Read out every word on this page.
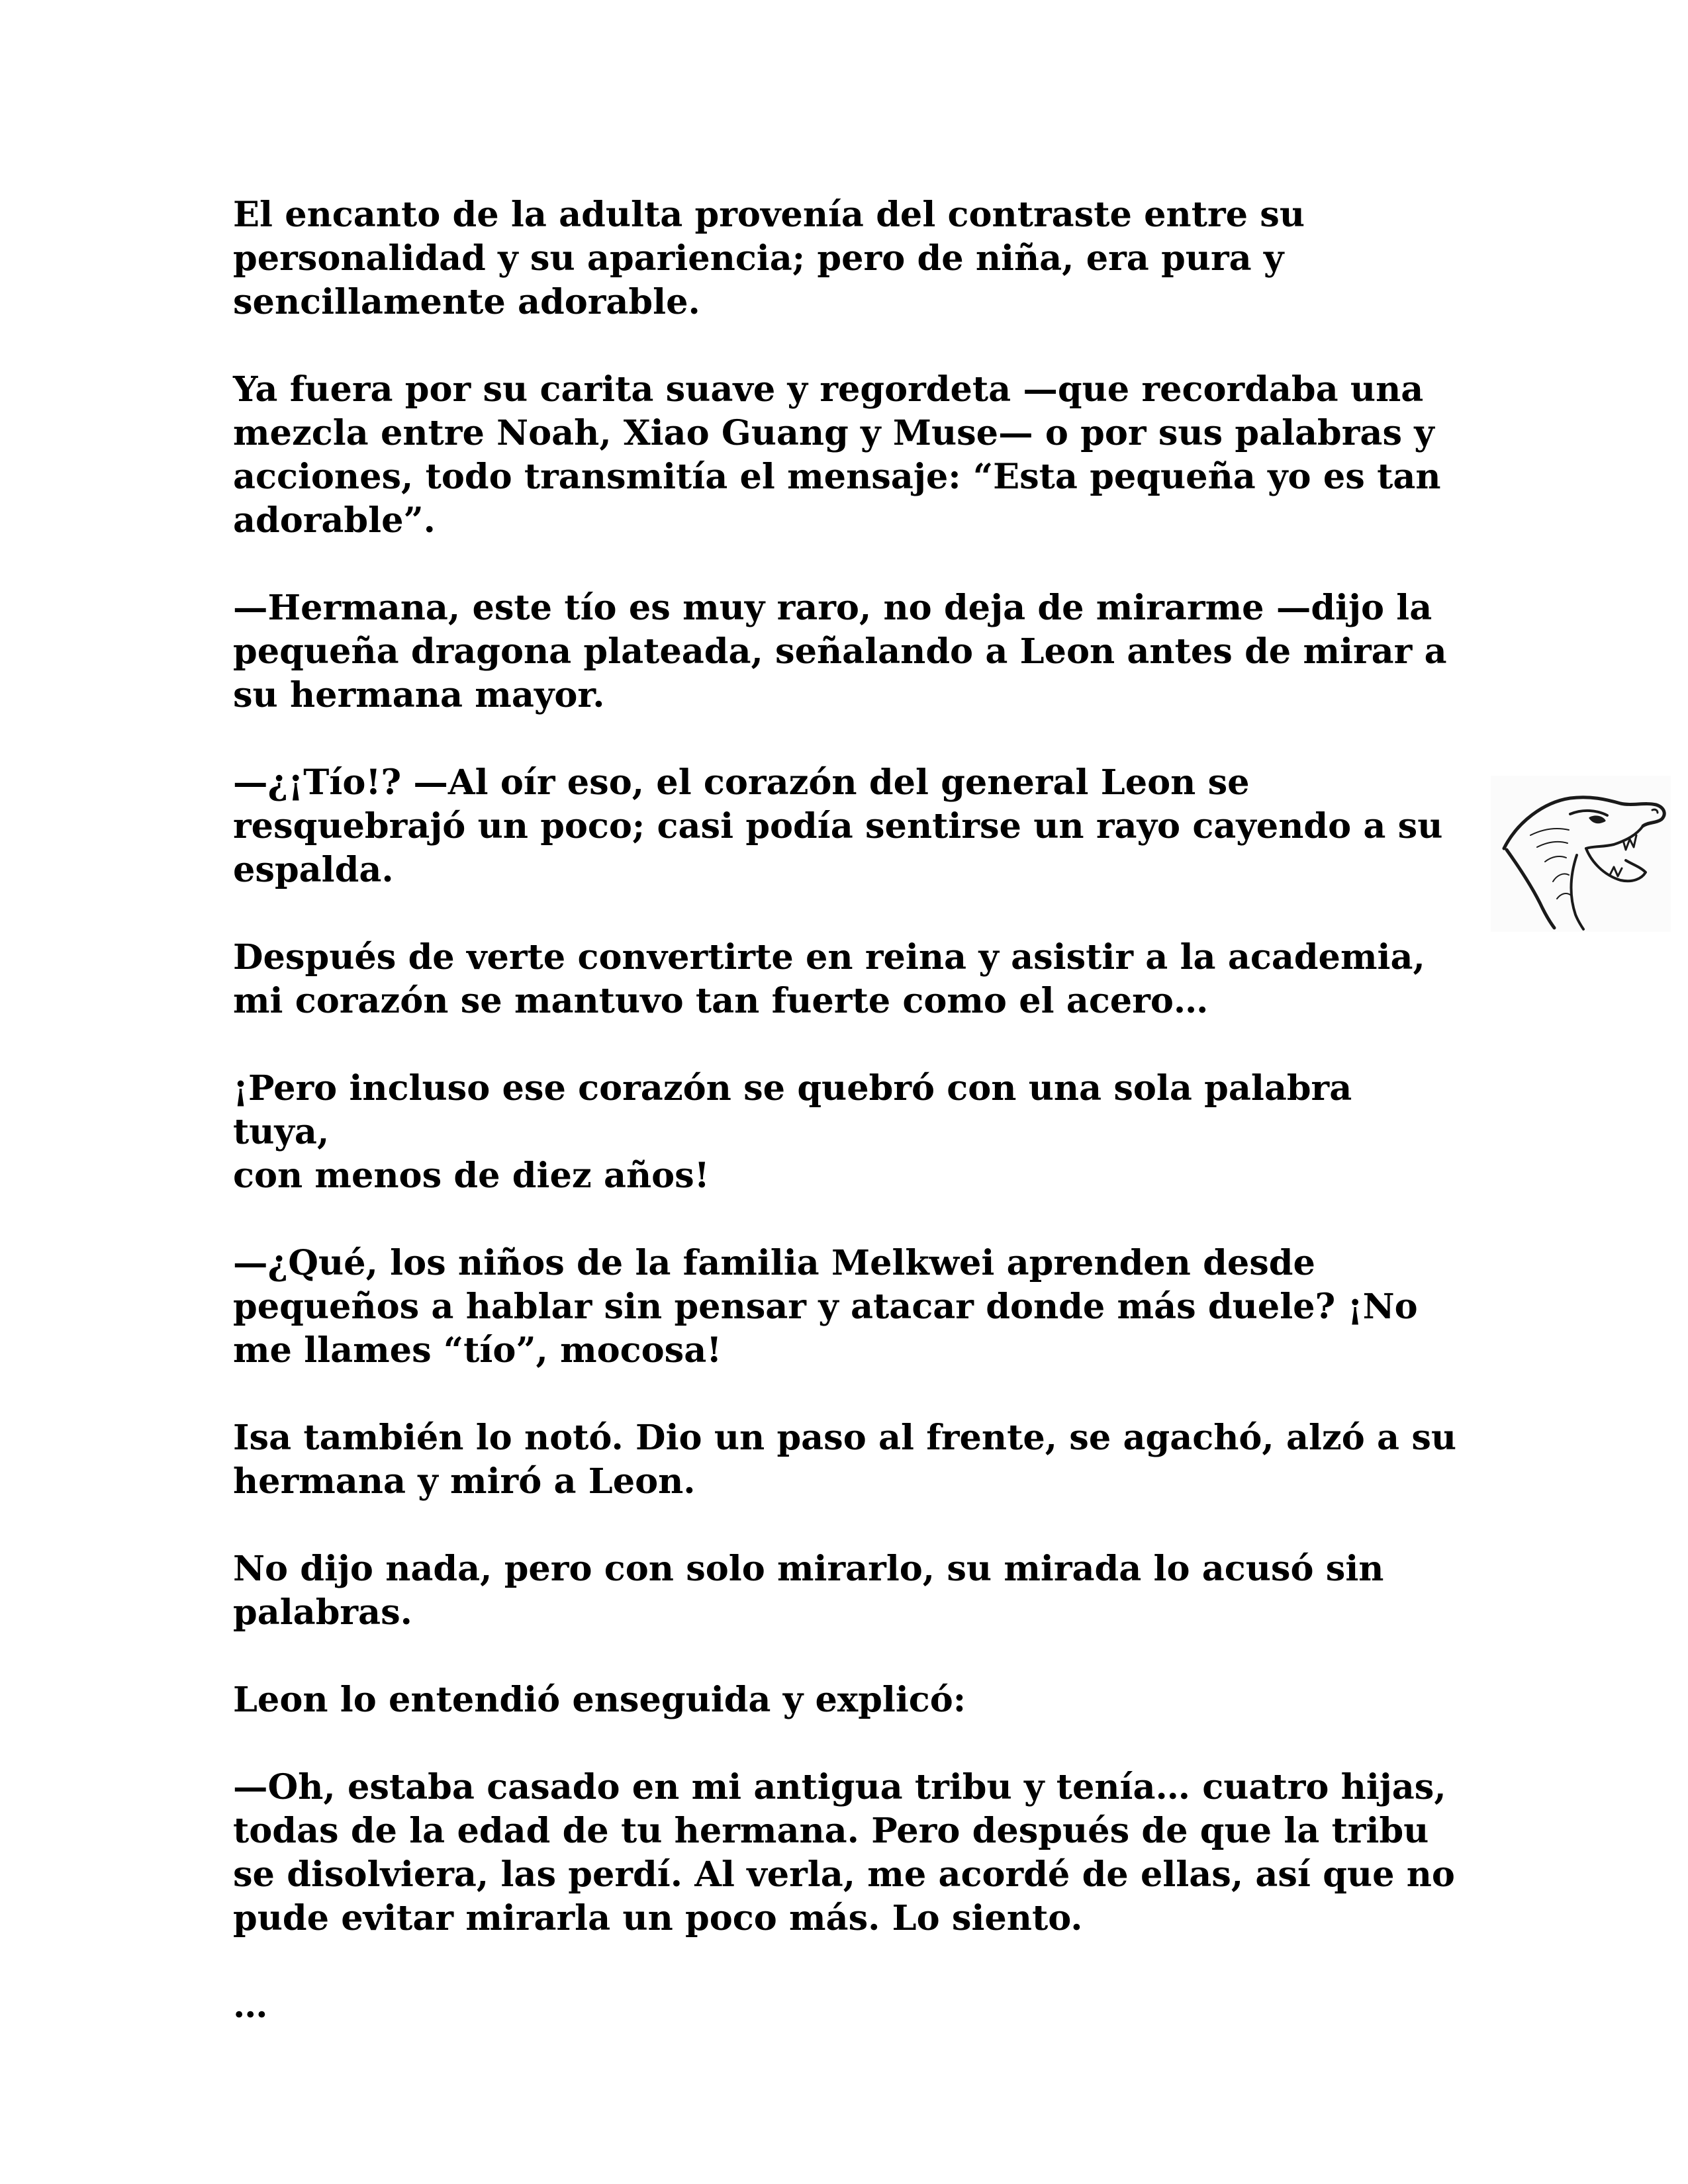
El encanto de la adulta provenía del contraste entre su
personalidad y su apariencia; pero de niña, era pura y
sencillamente adorable.

Ya fuera por su carita suave y regordeta —que recordaba una
mezcla entre Noah, Xiao Guang y Muse— o por sus palabras y
acciones, todo transmitía el mensaje: “Esta pequeña yo es tan
adorable”.

—Hermana, este tío es muy raro, no deja de mirarme —dijo la
pequeña dragona plateada, señalando a Leon antes de mirar a
su hermana mayor.

—¿¡Tío!? —Al oír eso, el corazón del general Leon se
resquebrajó un poco; casi podía sentirse un rayo cayendo a su
espalda.

Después de verte convertirte en reina y asistir a la academia,
mi corazón se mantuvo tan fuerte como el acero…

¡Pero incluso ese corazón se quebró con una sola palabra tuya,
con menos de diez años!

—¿Qué, los niños de la familia Melkwei aprenden desde
pequeños a hablar sin pensar y atacar donde más duele? ¡No
me llames “tío”, mocosa!

Isa también lo notó. Dio un paso al frente, se agachó, alzó a su
hermana y miró a Leon.

No dijo nada, pero con solo mirarlo, su mirada lo acusó sin
palabras.

Leon lo entendió enseguida y explicó:

—Oh, estaba casado en mi antigua tribu y tenía… cuatro hijas,
todas de la edad de tu hermana. Pero después de que la tribu
se disolviera, las perdí. Al verla, me acordé de ellas, así que no
pude evitar mirarla un poco más. Lo siento.

…
